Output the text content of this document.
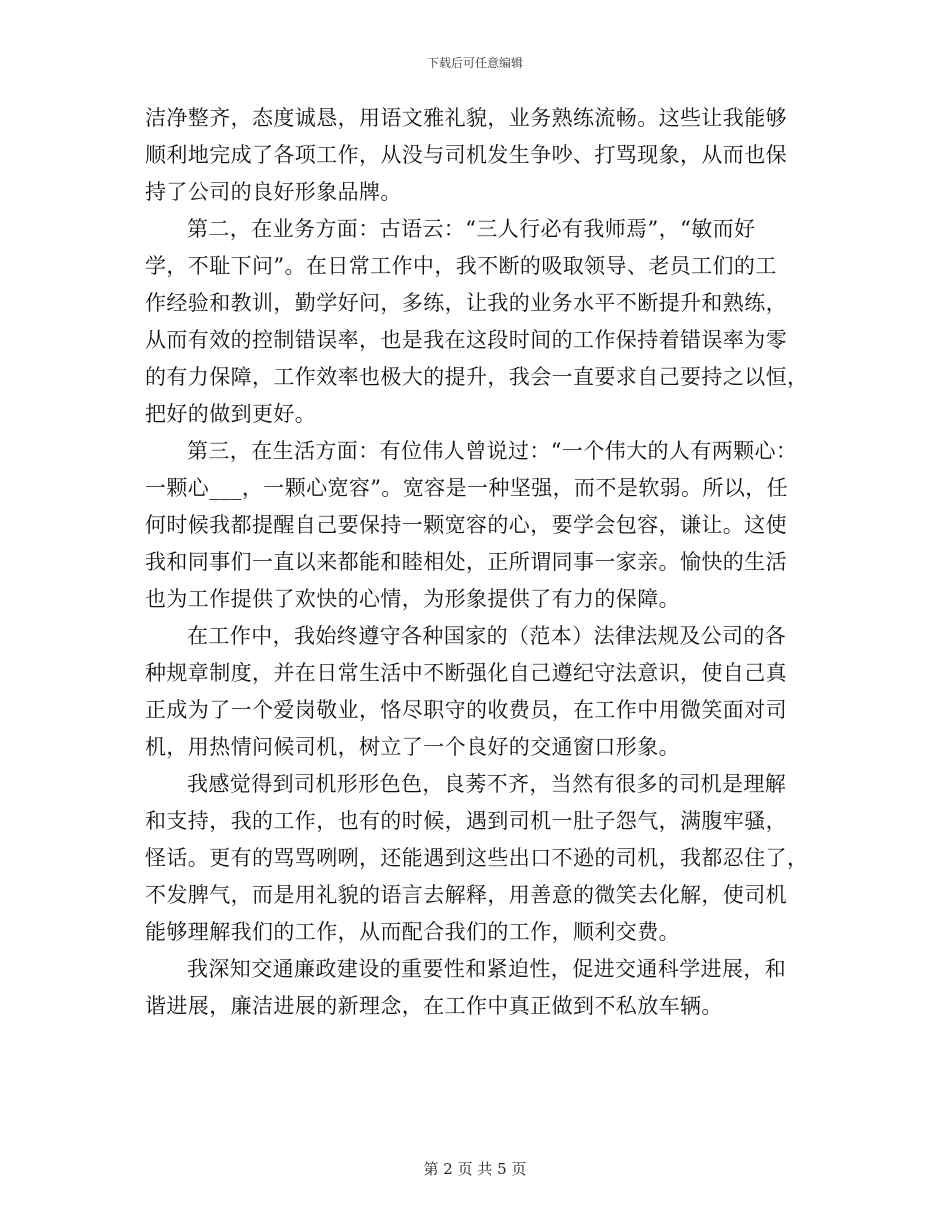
下载后可任意编辑
洁净整齐，态度诚恳，用语文雅礼貌，业务熟练流畅。这些让我能够
顺利地完成了各项工作，从没与司机发生争吵、打骂现象，从而也保
持了公司的良好形象品牌。
第二，在业务方面：古语云：“三人行必有我师焉”，“敏而好
学，不耻下问”。在日常工作中，我不断的吸取领导、老员工们的工
作经验和教训，勤学好问，多练，让我的业务水平不断提升和熟练，
从而有效的控制错误率，也是我在这段时间的工作保持着错误率为零
的有力保障，工作效率也极大的提升，我会一直要求自己要持之以恒，
把好的做到更好。
第三，在生活方面：有位伟人曾说过：“一个伟大的人有两颗心：
一颗心___，一颗心宽容”。宽容是一种坚强，而不是软弱。所以，任
何时候我都提醒自己要保持一颗宽容的心，要学会包容，谦让。这使
我和同事们一直以来都能和睦相处，正所谓同事一家亲。愉快的生活
也为工作提供了欢快的心情，为形象提供了有力的保障。
在工作中，我始终遵守各种国家的（范本）法律法规及公司的各
种规章制度，并在日常生活中不断强化自己遵纪守法意识，使自己真
正成为了一个爱岗敬业，恪尽职守的收费员，在工作中用微笑面对司
机，用热情问候司机，树立了一个良好的交通窗口形象。
我感觉得到司机形形色色，良莠不齐，当然有很多的司机是理解
和支持，我的工作，也有的时候，遇到司机一肚子怨气，满腹牢骚，
怪话。更有的骂骂咧咧，还能遇到这些出口不逊的司机，我都忍住了，
不发脾气，而是用礼貌的语言去解释，用善意的微笑去化解，使司机
能够理解我们的工作，从而配合我们的工作，顺利交费。
我深知交通廉政建设的重要性和紧迫性，促进交通科学进展，和
谐进展，廉洁进展的新理念，在工作中真正做到不私放车辆。
第 2 页 共 5 页
